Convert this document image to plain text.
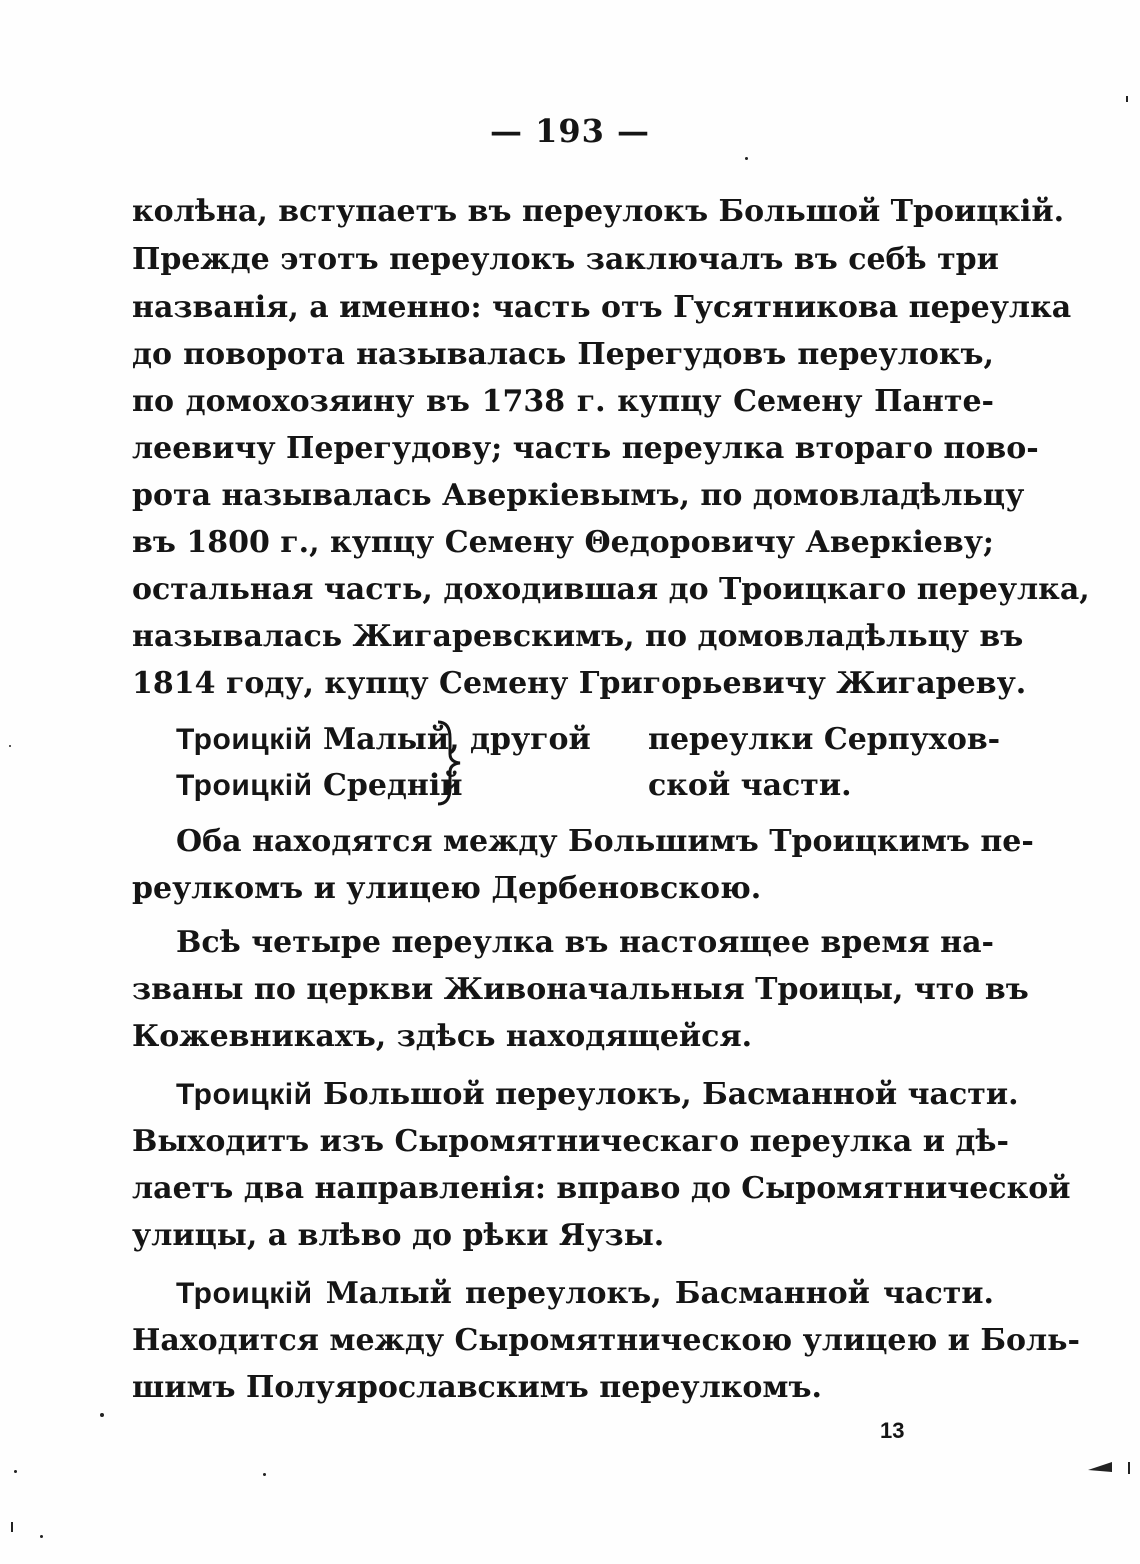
— 193 —
колѣна, вступаетъ въ переулокъ Большой Троицкій.
Прежде этотъ переулокъ заключалъ въ себѣ три
названія, а именно: часть отъ Гусятникова переулка
до поворота называлась Перегудовъ переулокъ,
по домохозяину въ 1738 г. купцу Семену Панте-
леевичу Перегудову; часть переулка втораго пово-
рота называлась Аверкіевымъ, по домовладѣльцу
въ 1800 г., купцу Семену Θедоровичу Аверкіеву;
остальная часть, доходившая до Троицкаго переулка,
называлась Жигаревскимъ, по домовладѣльцу въ
1814 году, купцу Семену Григорьевичу Жигареву.
Троицкій Малый, другой переулки Серпухов-
Троицкій Средній	ской части.
Оба находятся между Большимъ Троицкимъ пе-
реулкомъ и улицею Дербеновскою.
Всѣ четыре переулка въ настоящее время на-
званы по церкви Живоначальныя Троицы, что въ
Кожевникахъ, здѣсь находящейся.
Троицкій Большой переулокъ, Басманной части.
Выходитъ изъ Сыромятническаго переулка и дѣ-
лаетъ два направленія: вправо до Сыромятнической
улицы, а влѣво до рѣки Яузы.
Троицкій Малый переулокъ, Басманной части.
Находится между Сыромятническою улицею и Боль-
шимъ Полуярославскимъ переулкомъ.
13
